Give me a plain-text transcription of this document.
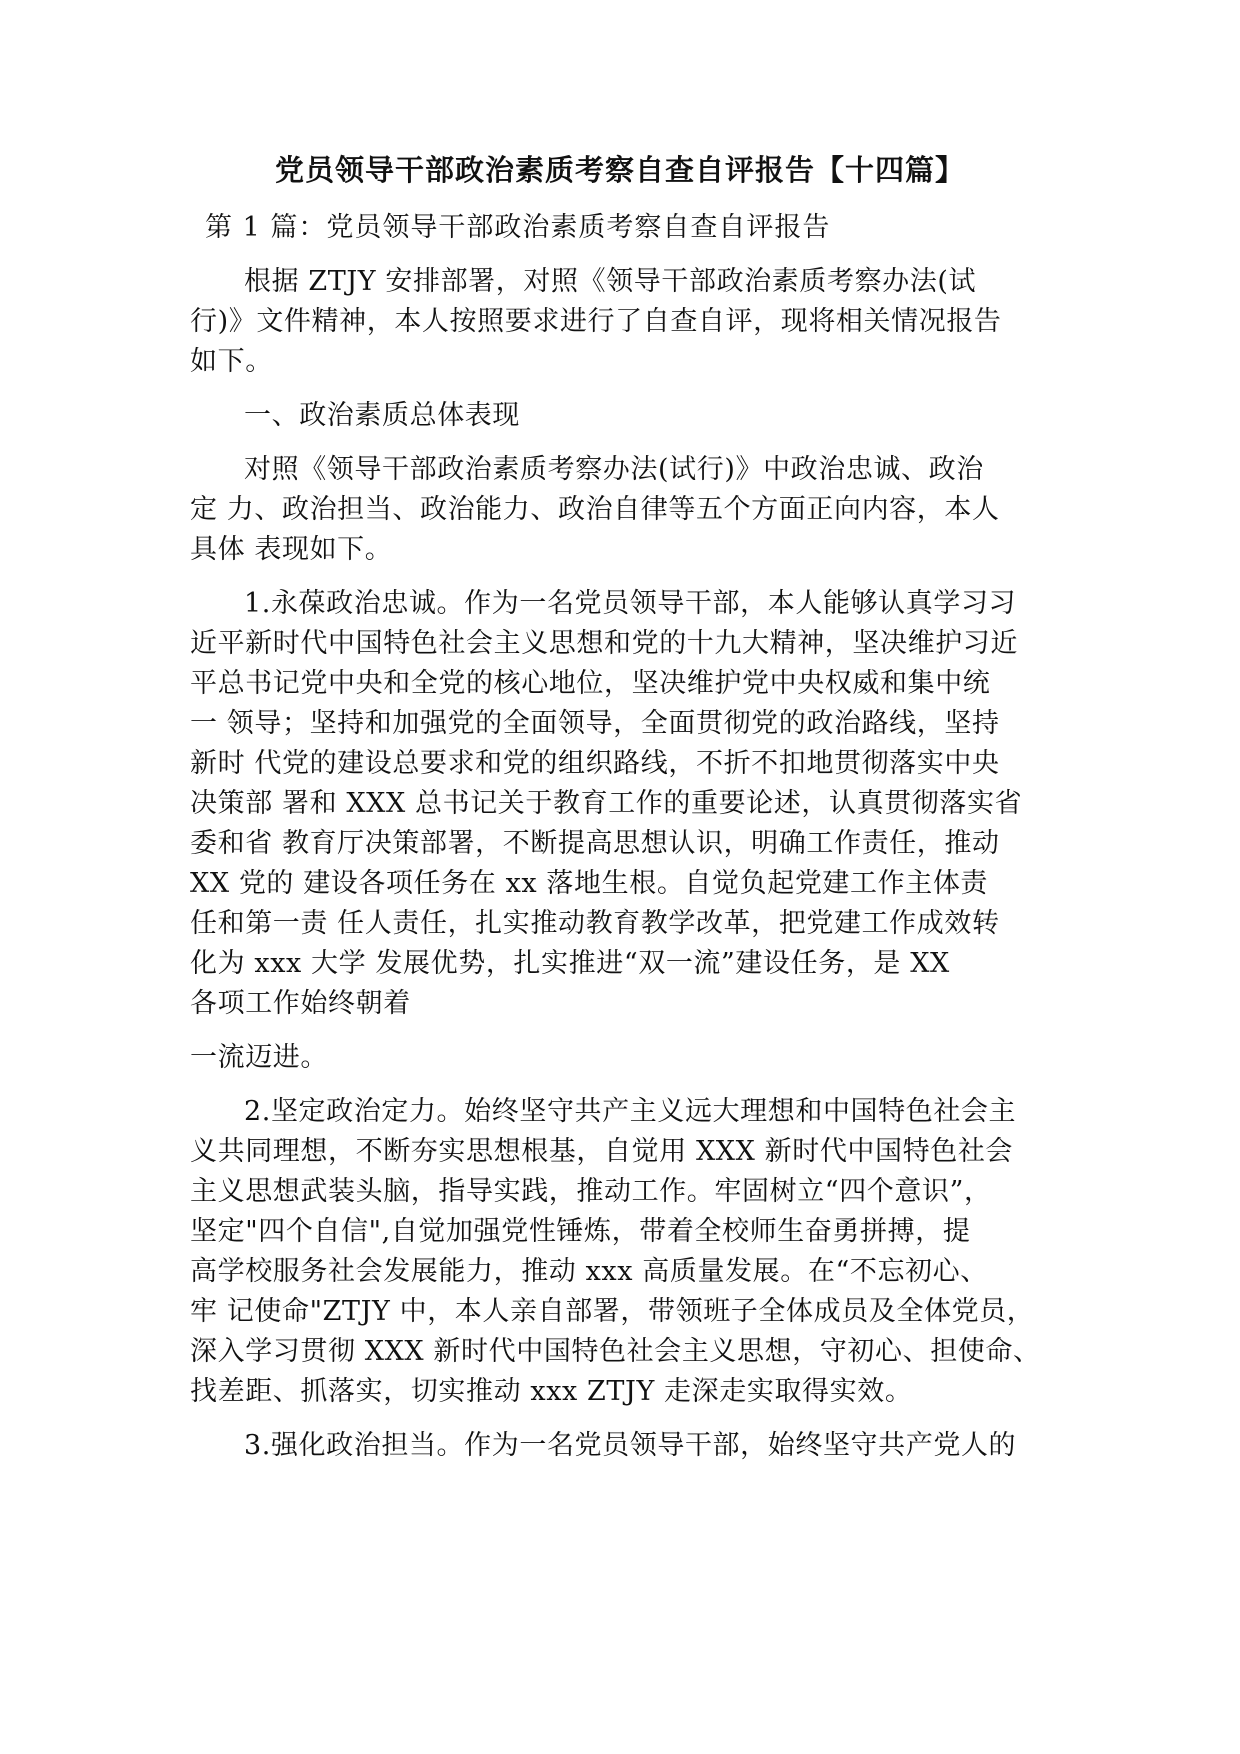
党员领导干部政治素质考察自查自评报告【十四篇】

第 1 篇：党员领导干部政治素质考察自查自评报告

根据 ZTJY 安排部署，对照《领导干部政治素质考察办法(试
行)》文件精神，本人按照要求进行了自查自评，现将相关情况报告
如下。

一、政治素质总体表现

对照《领导干部政治素质考察办法(试行)》中政治忠诚、政治
定 力、政治担当、政治能力、政治自律等五个方面正向内容，本人
具体 表现如下。

1.永葆政治忠诚。作为一名党员领导干部，本人能够认真学习习
近平新时代中国特色社会主义思想和党的十九大精神，坚决维护习近
平总书记党中央和全党的核心地位，坚决维护党中央权威和集中统
一 领导；坚持和加强党的全面领导，全面贯彻党的政治路线，坚持
新时 代党的建设总要求和党的组织路线，不折不扣地贯彻落实中央
决策部 署和 XXX 总书记关于教育工作的重要论述，认真贯彻落实省
委和省 教育厅决策部署，不断提高思想认识，明确工作责任，推动
XX 党的 建设各项任务在 xx 落地生根。自觉负起党建工作主体责
任和第一责 任人责任，扎实推动教育教学改革，把党建工作成效转
化为 xxx 大学 发展优势，扎实推进“双一流”建设任务，是 XX
各项工作始终朝着

一流迈进。

2.坚定政治定力。始终坚守共产主义远大理想和中国特色社会主
义共同理想，不断夯实思想根基，自觉用 XXX 新时代中国特色社会
主义思想武装头脑，指导实践，推动工作。牢固树立“四个意识”，
坚定"四个自信",自觉加强党性锤炼，带着全校师生奋勇拼搏，提
高学校服务社会发展能力，推动 xxx 高质量发展。在“不忘初心、
牢 记使命"ZTJY 中，本人亲自部署，带领班子全体成员及全体党员，
深入学习贯彻 XXX 新时代中国特色社会主义思想，守初心、担使命、
找差距、抓落实，切实推动 xxx ZTJY 走深走实取得实效。

3.强化政治担当。作为一名党员领导干部，始终坚守共产党人的
